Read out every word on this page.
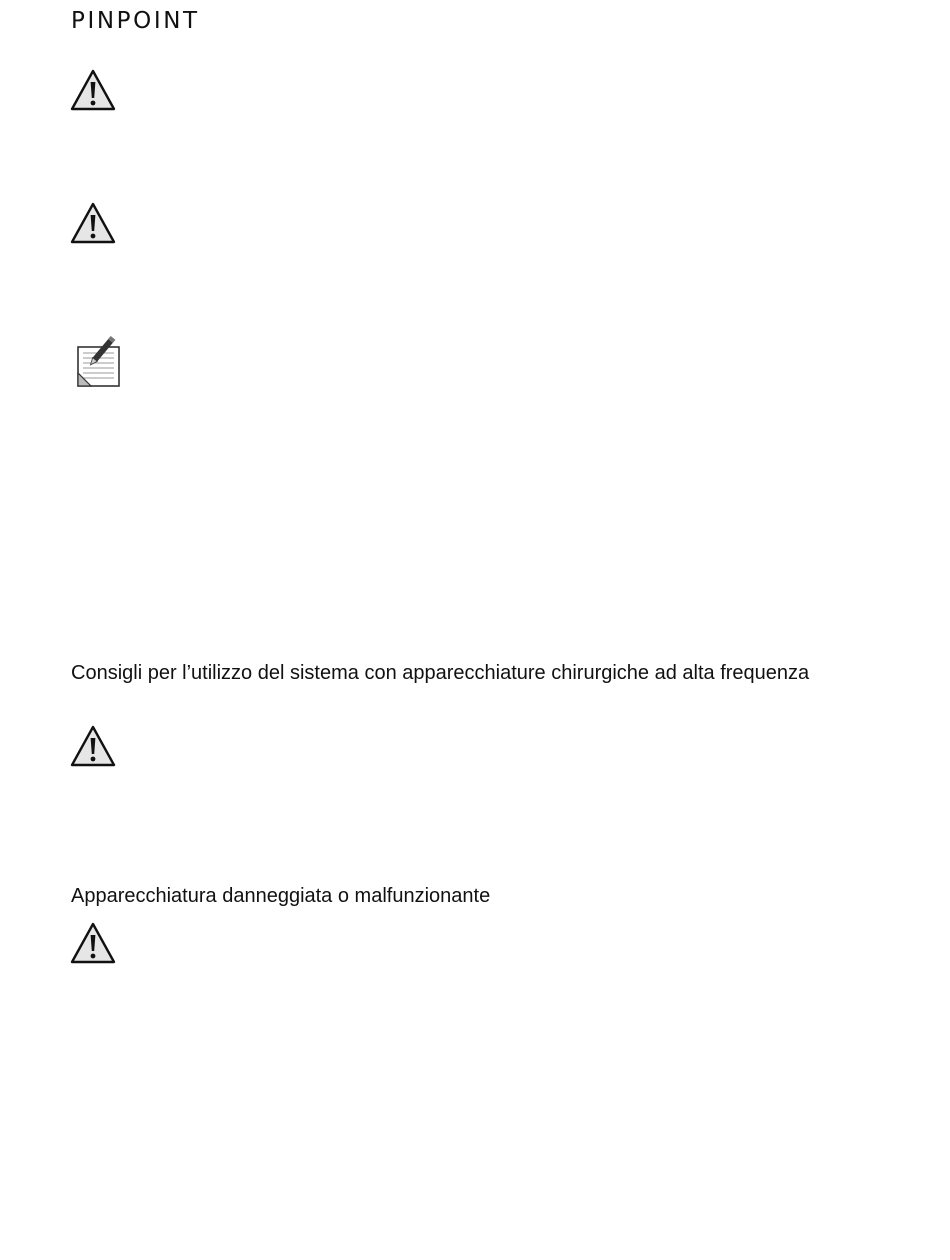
PINPOINT
Consigli per l’utilizzo del sistema con apparecchiature chirurgiche ad alta frequenza
Apparecchiatura danneggiata o malfunzionante
